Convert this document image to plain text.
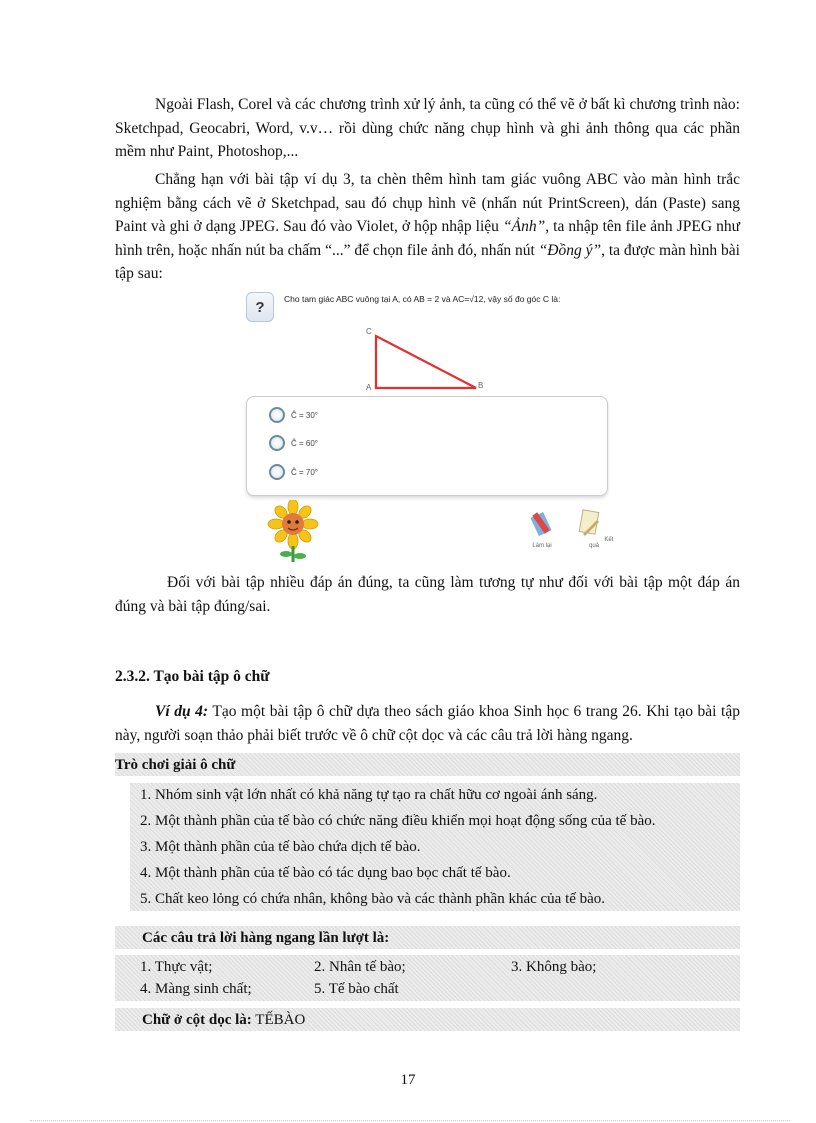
Ngoài Flash, Corel và các chương trình xử lý ảnh, ta cũng có thể vẽ ở bất kì chương trình nào: Sketchpad, Geocabri, Word, v.v… rồi dùng chức năng chụp hình và ghi ảnh thông qua các phần mềm như Paint, Photoshop,...

Chẳng hạn với bài tập ví dụ 3, ta chèn thêm hình tam giác vuông ABC vào màn hình trắc nghiệm bằng cách vẽ ở Sketchpad, sau đó chụp hình vẽ (nhấn nút PrintScreen), dán (Paste) sang Paint và ghi ở dạng JPEG. Sau đó vào Violet, ở hộp nhập liệu “Ảnh”, ta nhập tên file ảnh JPEG như hình trên, hoặc nhấn nút ba chấm “...” để chọn file ảnh đó, nhấn nút “Đồng ý”, ta được màn hình bài tập sau:

?	Cho tam giác ABC vuông tại A, có AB = 2 và AC=√12, vậy số đo góc C là:
C
A	B
Ĉ = 30°
Ĉ = 60°
Ĉ = 70°
Làm lại
Kết quả

Đối với bài tập nhiều đáp án đúng, ta cũng làm tương tự như đối với bài tập một đáp án đúng và bài tập đúng/sai.

2.3.2. Tạo bài tập ô chữ

Ví dụ 4: Tạo một bài tập ô chữ dựa theo sách giáo khoa Sinh học 6 trang 26. Khi tạo bài tập này, người soạn thảo phải biết trước về ô chữ cột dọc và các câu trả lời hàng ngang.

Trò chơi giải ô chữ
1. Nhóm sinh vật lớn nhất có khả năng tự tạo ra chất hữu cơ ngoài ánh sáng.
2. Một thành phần của tế bào có chức năng điều khiển mọi hoạt động sống của tế bào.
3. Một thành phần của tế bào chứa dịch tế bào.
4. Một thành phần của tế bào có tác dụng bao bọc chất tế bào.
5. Chất keo lỏng có chứa nhân, không bào và các thành phần khác của tế bào.
Các câu trả lời hàng ngang lần lượt là:
1. Thực vật;	2. Nhân tế bào;	3. Không bào;
4. Màng sinh chất;	5. Tế bào chất
Chữ ở cột dọc là: TẾBÀO
17
